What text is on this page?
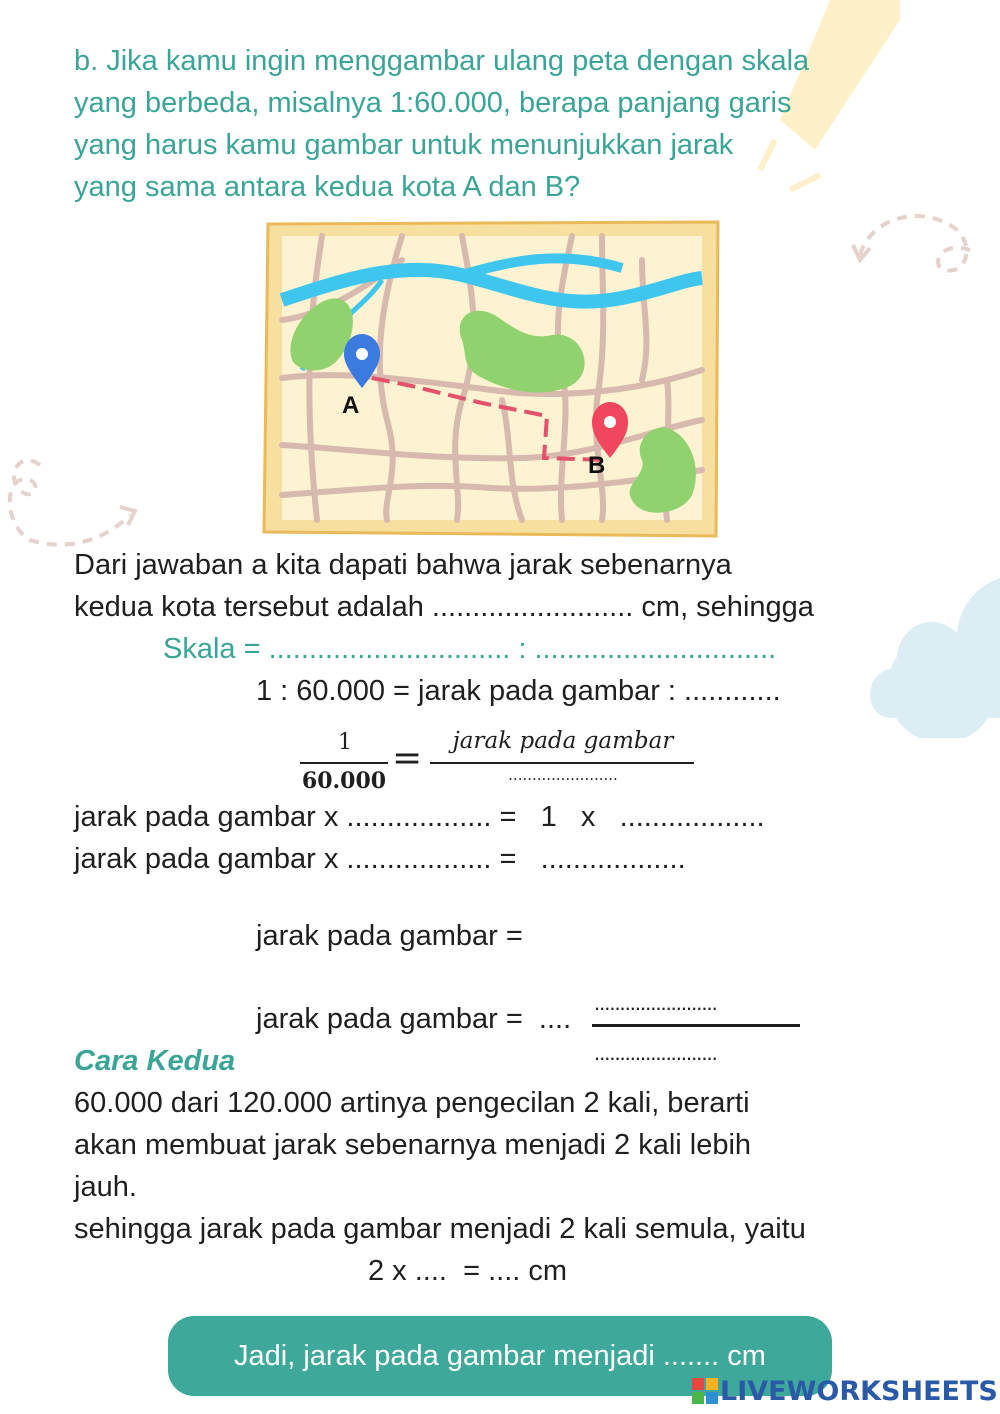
b. Jika kamu ingin menggambar ulang peta dengan skala
yang berbeda, misalnya 1:60.000, berapa panjang garis
yang harus kamu gambar untuk menunjukkan jarak
yang sama antara kedua kota A dan B?
A
B
Dari jawaban a kita dapati bahwa jarak sebenarnya
kedua kota tersebut adalah ......................... cm, sehingga
Skala = .............................. : ..............................
1 : 60.000 = jarak pada gambar : ............
1
60.000
=	jarak pada gambar
.......................
jarak pada gambar x .................. =   1   x   ..................
jarak pada gambar x .................. =   ..................
jarak pada gambar =
jarak pada gambar =  ....
........................
........................
Cara Kedua
60.000 dari 120.000 artinya pengecilan 2 kali, berarti
akan membuat jarak sebenarnya menjadi 2 kali lebih
jauh.
sehingga jarak pada gambar menjadi 2 kali semula, yaitu
2 x ....  = .... cm
Jadi, jarak pada gambar menjadi ....... cm
LIVEWORKSHEETS
